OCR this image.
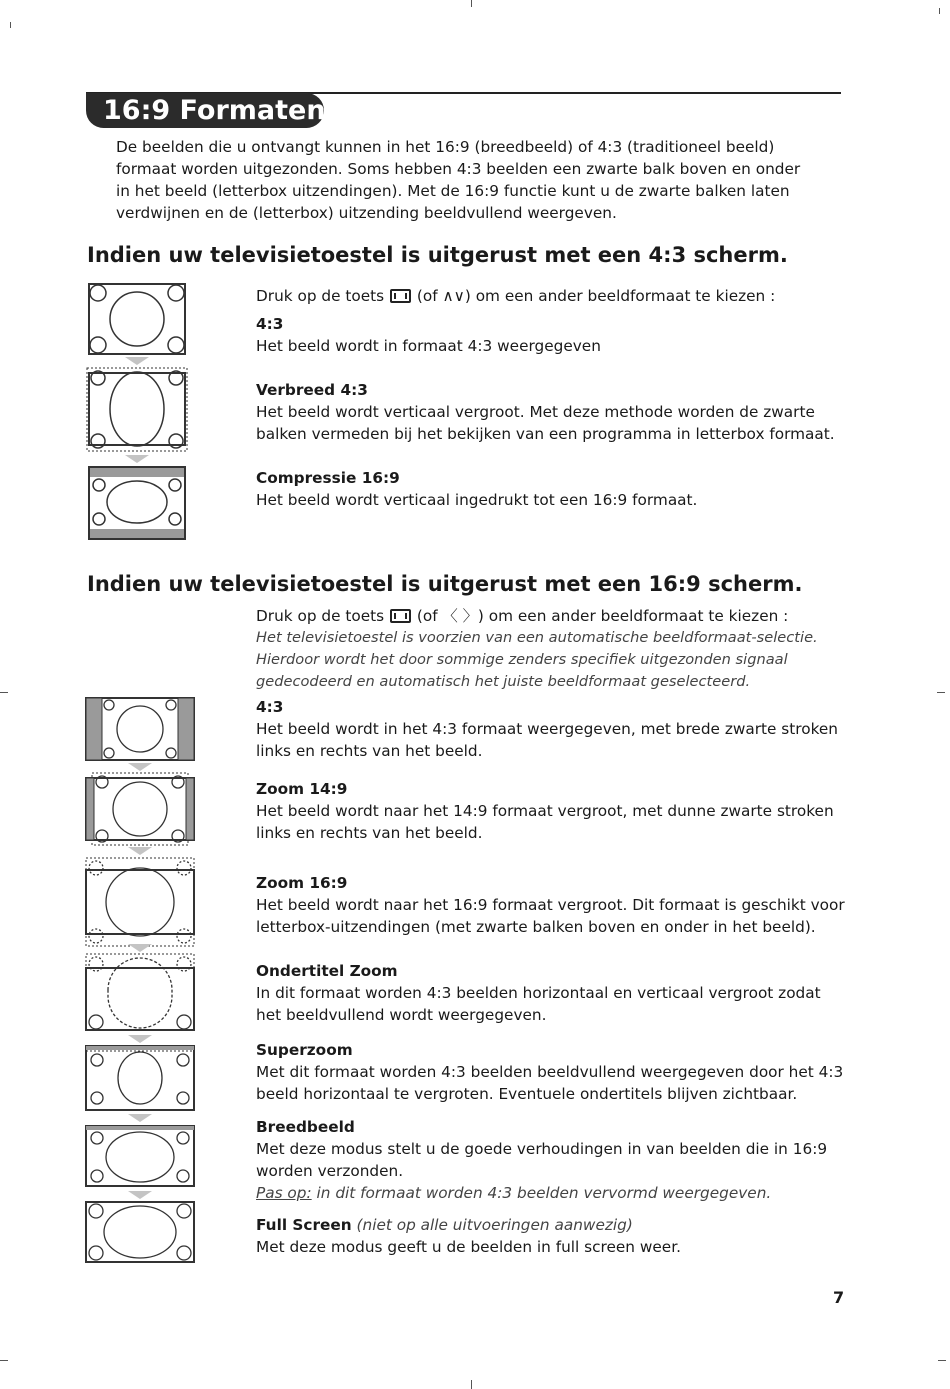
16:9 Formaten

De beelden die u ontvangt kunnen in het 16:9 (breedbeeld) of 4:3 (traditioneel beeld) formaat worden uitgezonden. Soms hebben 4:3 beelden een zwarte balk boven en onder in het beeld (letterbox uitzendingen). Met de 16:9 functie kunt u de zwarte balken laten verdwijnen en de (letterbox) uitzending beeldvullend weergeven.

Indien uw televisietoestel is uitgerust met een 4:3 scherm.

Druk op de toets (of ∧∨) om een ander beeldformaat te kiezen :

4:3
Het beeld wordt in formaat 4:3 weergegeven

Verbreed 4:3
Het beeld wordt verticaal vergroot. Met deze methode worden de zwarte balken vermeden bij het bekijken van een programma in letterbox formaat.

Compressie 16:9
Het beeld wordt verticaal ingedrukt tot een 16:9 formaat.

Indien uw televisietoestel is uitgerust met een 16:9 scherm.

Druk op de toets (of 〈 〉) om een ander beeldformaat te kiezen :

Het televisietoestel is voorzien van een automatische beeldformaat-selectie. Hierdoor wordt het door sommige zenders specifiek uitgezonden signaal gedecodeerd en automatisch het juiste beeldformaat geselecteerd.

4:3
Het beeld wordt in het 4:3 formaat weergegeven, met brede zwarte stroken links en rechts van het beeld.

Zoom 14:9
Het beeld wordt naar het 14:9 formaat vergroot, met dunne zwarte stroken links en rechts van het beeld.

Zoom 16:9
Het beeld wordt naar het 16:9 formaat vergroot. Dit formaat is geschikt voor letterbox-uitzendingen (met zwarte balken boven en onder in het beeld).

Ondertitel Zoom
In dit formaat worden 4:3 beelden horizontaal en verticaal vergroot zodat het beeldvullend wordt weergegeven.

Superzoom
Met dit formaat worden 4:3 beelden beeldvullend weergegeven door het 4:3 beeld horizontaal te vergroten. Eventuele ondertitels blijven zichtbaar.

Breedbeeld
Met deze modus stelt u de goede verhoudingen in van beelden die in 16:9 worden verzonden.
Pas op: in dit formaat worden 4:3 beelden vervormd weergegeven.

Full Screen (niet op alle uitvoeringen aanwezig)
Met deze modus geeft u de beelden in full screen weer.

7
